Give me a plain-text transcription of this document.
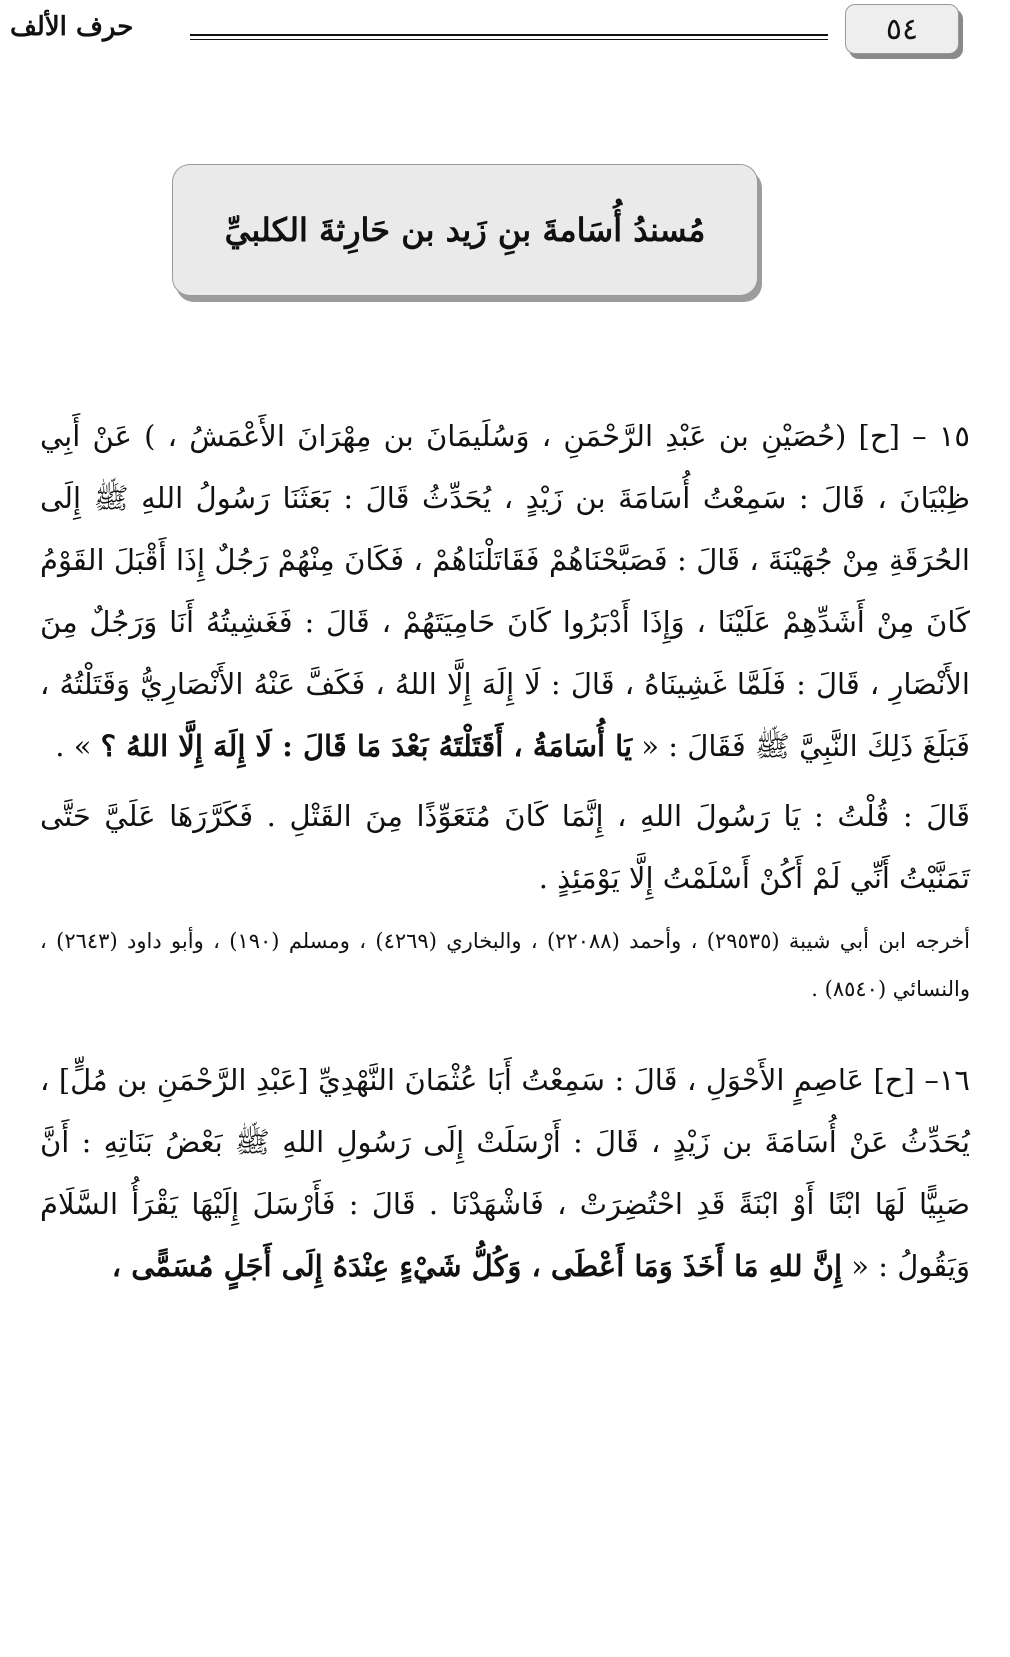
٥٤
حرف الألف
مُسندُ أُسَامةَ بنِ زَيد بن حَارِثةَ الكلبيِّ

١٥ – [ح] (حُصَيْنِ بن عَبْدِ الرَّحْمَنِ ، وَسُلَيمَانَ بن مِهْرَانَ الأَعْمَشُ ، ) عَنْ أَبِي ظِبْيَانَ ، قَالَ : سَمِعْتُ أُسَامَةَ بن زَيْدٍ ، يُحَدِّثُ قَالَ : بَعَثَنَا رَسُولُ اللهِ ﷺ إِلَى الحُرَقَةِ مِنْ جُهَيْنَةَ ، قَالَ : فَصَبَّحْنَاهُمْ فَقَاتَلْنَاهُمْ ، فَكَانَ مِنْهُمْ رَجُلٌ إِذَا أَقْبَلَ القَوْمُ كَانَ مِنْ أَشَدِّهِمْ عَلَيْنَا ، وَإِذَا أَدْبَرُوا كَانَ حَامِيَتَهُمْ ، قَالَ : فَغَشِيتُهُ أَنَا وَرَجُلٌ مِنَ الأَنْصَارِ ، قَالَ : فَلَمَّا غَشِينَاهُ ، قَالَ : لَا إِلَهَ إِلَّا اللهُ ، فَكَفَّ عَنْهُ الأَنْصَارِيُّ وَقَتَلْتُهُ ، فَبَلَغَ ذَلِكَ النَّبِيَّ ﷺ فَقَالَ : « يَا أُسَامَةُ ، أَقَتَلْتَهُ بَعْدَ مَا قَالَ : لَا إِلَهَ إِلَّا اللهُ ؟ » .

قَالَ : قُلْتُ : يَا رَسُولَ اللهِ ، إِنَّمَا كَانَ مُتَعَوِّذًا مِنَ القَتْلِ . فَكَرَّرَهَا عَلَيَّ حَتَّى تَمَنَّيْتُ أَنِّي لَمْ أَكُنْ أَسْلَمْتُ إِلَّا يَوْمَئِذٍ .

أخرجه ابن أبي شيبة (٢٩٥٣٥) ، وأحمد (٢٢٠٨٨) ، والبخاري (٤٢٦٩) ، ومسلم (١٩٠) ، وأبو داود (٢٦٤٣) ، والنسائي (٨٥٤٠) .

١٦– [ح] عَاصِمٍ الأَحْوَلِ ، قَالَ : سَمِعْتُ أَبَا عُثْمَانَ النَّهْدِيِّ [عَبْدِ الرَّحْمَنِ بن مُلٍّ] ، يُحَدِّثُ عَنْ أُسَامَةَ بن زَيْدٍ ، قَالَ : أَرْسَلَتْ إِلَى رَسُولِ اللهِ ﷺ بَعْضُ بَنَاتِهِ : أَنَّ صَبِيًّا لَهَا ابْنًا أَوْ ابْنَةً قَدِ احْتُضِرَتْ ، فَاشْهَدْنَا . قَالَ : فَأَرْسَلَ إِلَيْهَا يَقْرَأُ السَّلَامَ وَيَقُولُ : « إِنَّ للهِ مَا أَخَذَ وَمَا أَعْطَى ، وَكُلُّ شَيْءٍ عِنْدَهُ إِلَى أَجَلٍ مُسَمًّى ،
